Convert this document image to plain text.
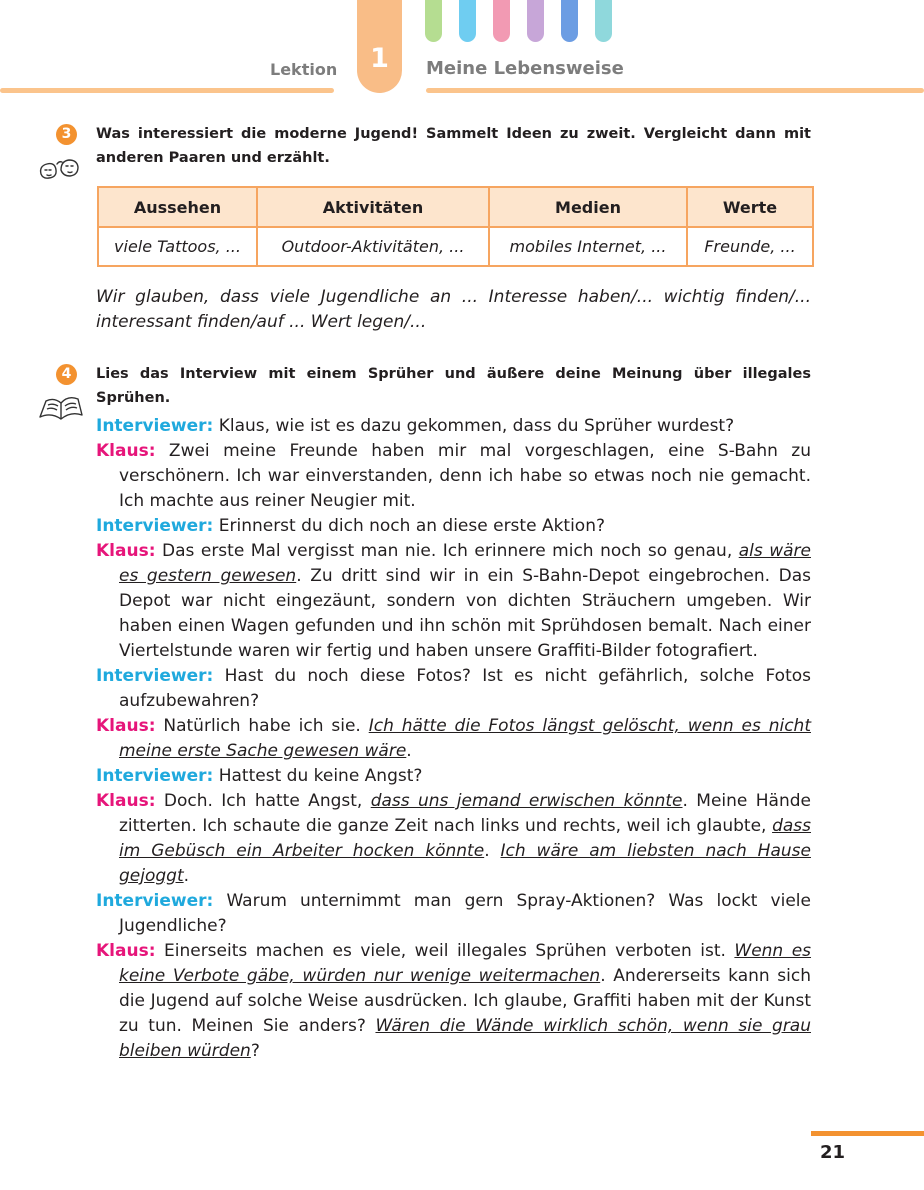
1
Lektion	Meine Lebensweise
3	Was interessiert die moderne Jugend! Sammelt Ideen zu zweit. Vergleicht dann mit anderen Paaren und erzählt.
Aussehen	Aktivitäten	Medien	Werte
viele Tattoos, ...	Outdoor-Aktivitäten, ...	mobiles Internet, ...	Freunde, ...
Wir glauben, dass viele Jugendliche an ... Interesse haben/... wichtig finden/... interessant finden/auf ... Wert legen/...
4	Lies das Interview mit einem Sprüher und äußere deine Meinung über illegales Sprühen.

Interviewer: Klaus, wie ist es dazu gekommen, dass du Sprüher wurdest?

Klaus: Zwei meine Freunde haben mir mal vorgeschlagen, eine S-Bahn zu verschönern. Ich war einverstanden, denn ich habe so etwas noch nie gemacht. Ich machte aus reiner Neugier mit.

Interviewer: Erinnerst du dich noch an diese erste Aktion?

Klaus: Das erste Mal vergisst man nie. Ich erinnere mich noch so genau, als wäre es gestern gewesen. Zu dritt sind wir in ein S-Bahn-Depot eingebrochen. Das Depot war nicht eingezäunt, sondern von dichten Sträuchern umgeben. Wir haben einen Wagen gefunden und ihn schön mit Sprühdosen bemalt. Nach einer Viertelstunde waren wir fertig und haben unsere Graffiti-Bilder fotografiert.

Interviewer: Hast du noch diese Fotos? Ist es nicht gefährlich, solche Fotos aufzubewahren?

Klaus: Natürlich habe ich sie. Ich hätte die Fotos längst gelöscht, wenn es nicht meine erste Sache gewesen wäre.

Interviewer: Hattest du keine Angst?

Klaus: Doch. Ich hatte Angst, dass uns jemand erwischen könnte. Meine Hände zitterten. Ich schaute die ganze Zeit nach links und rechts, weil ich glaubte, dass im Gebüsch ein Arbeiter hocken könnte. Ich wäre am liebsten nach Hause gejoggt.

Interviewer: Warum unternimmt man gern Spray-Aktionen? Was lockt viele Jugendliche?

Klaus: Einerseits machen es viele, weil illegales Sprühen verboten ist. Wenn es keine Verbote gäbe, würden nur wenige weitermachen. Andererseits kann sich die Jugend auf solche Weise ausdrücken. Ich glaube, Graffiti haben mit der Kunst zu tun. Meinen Sie anders? Wären die Wände wirklich schön, wenn sie grau bleiben würden?

21
